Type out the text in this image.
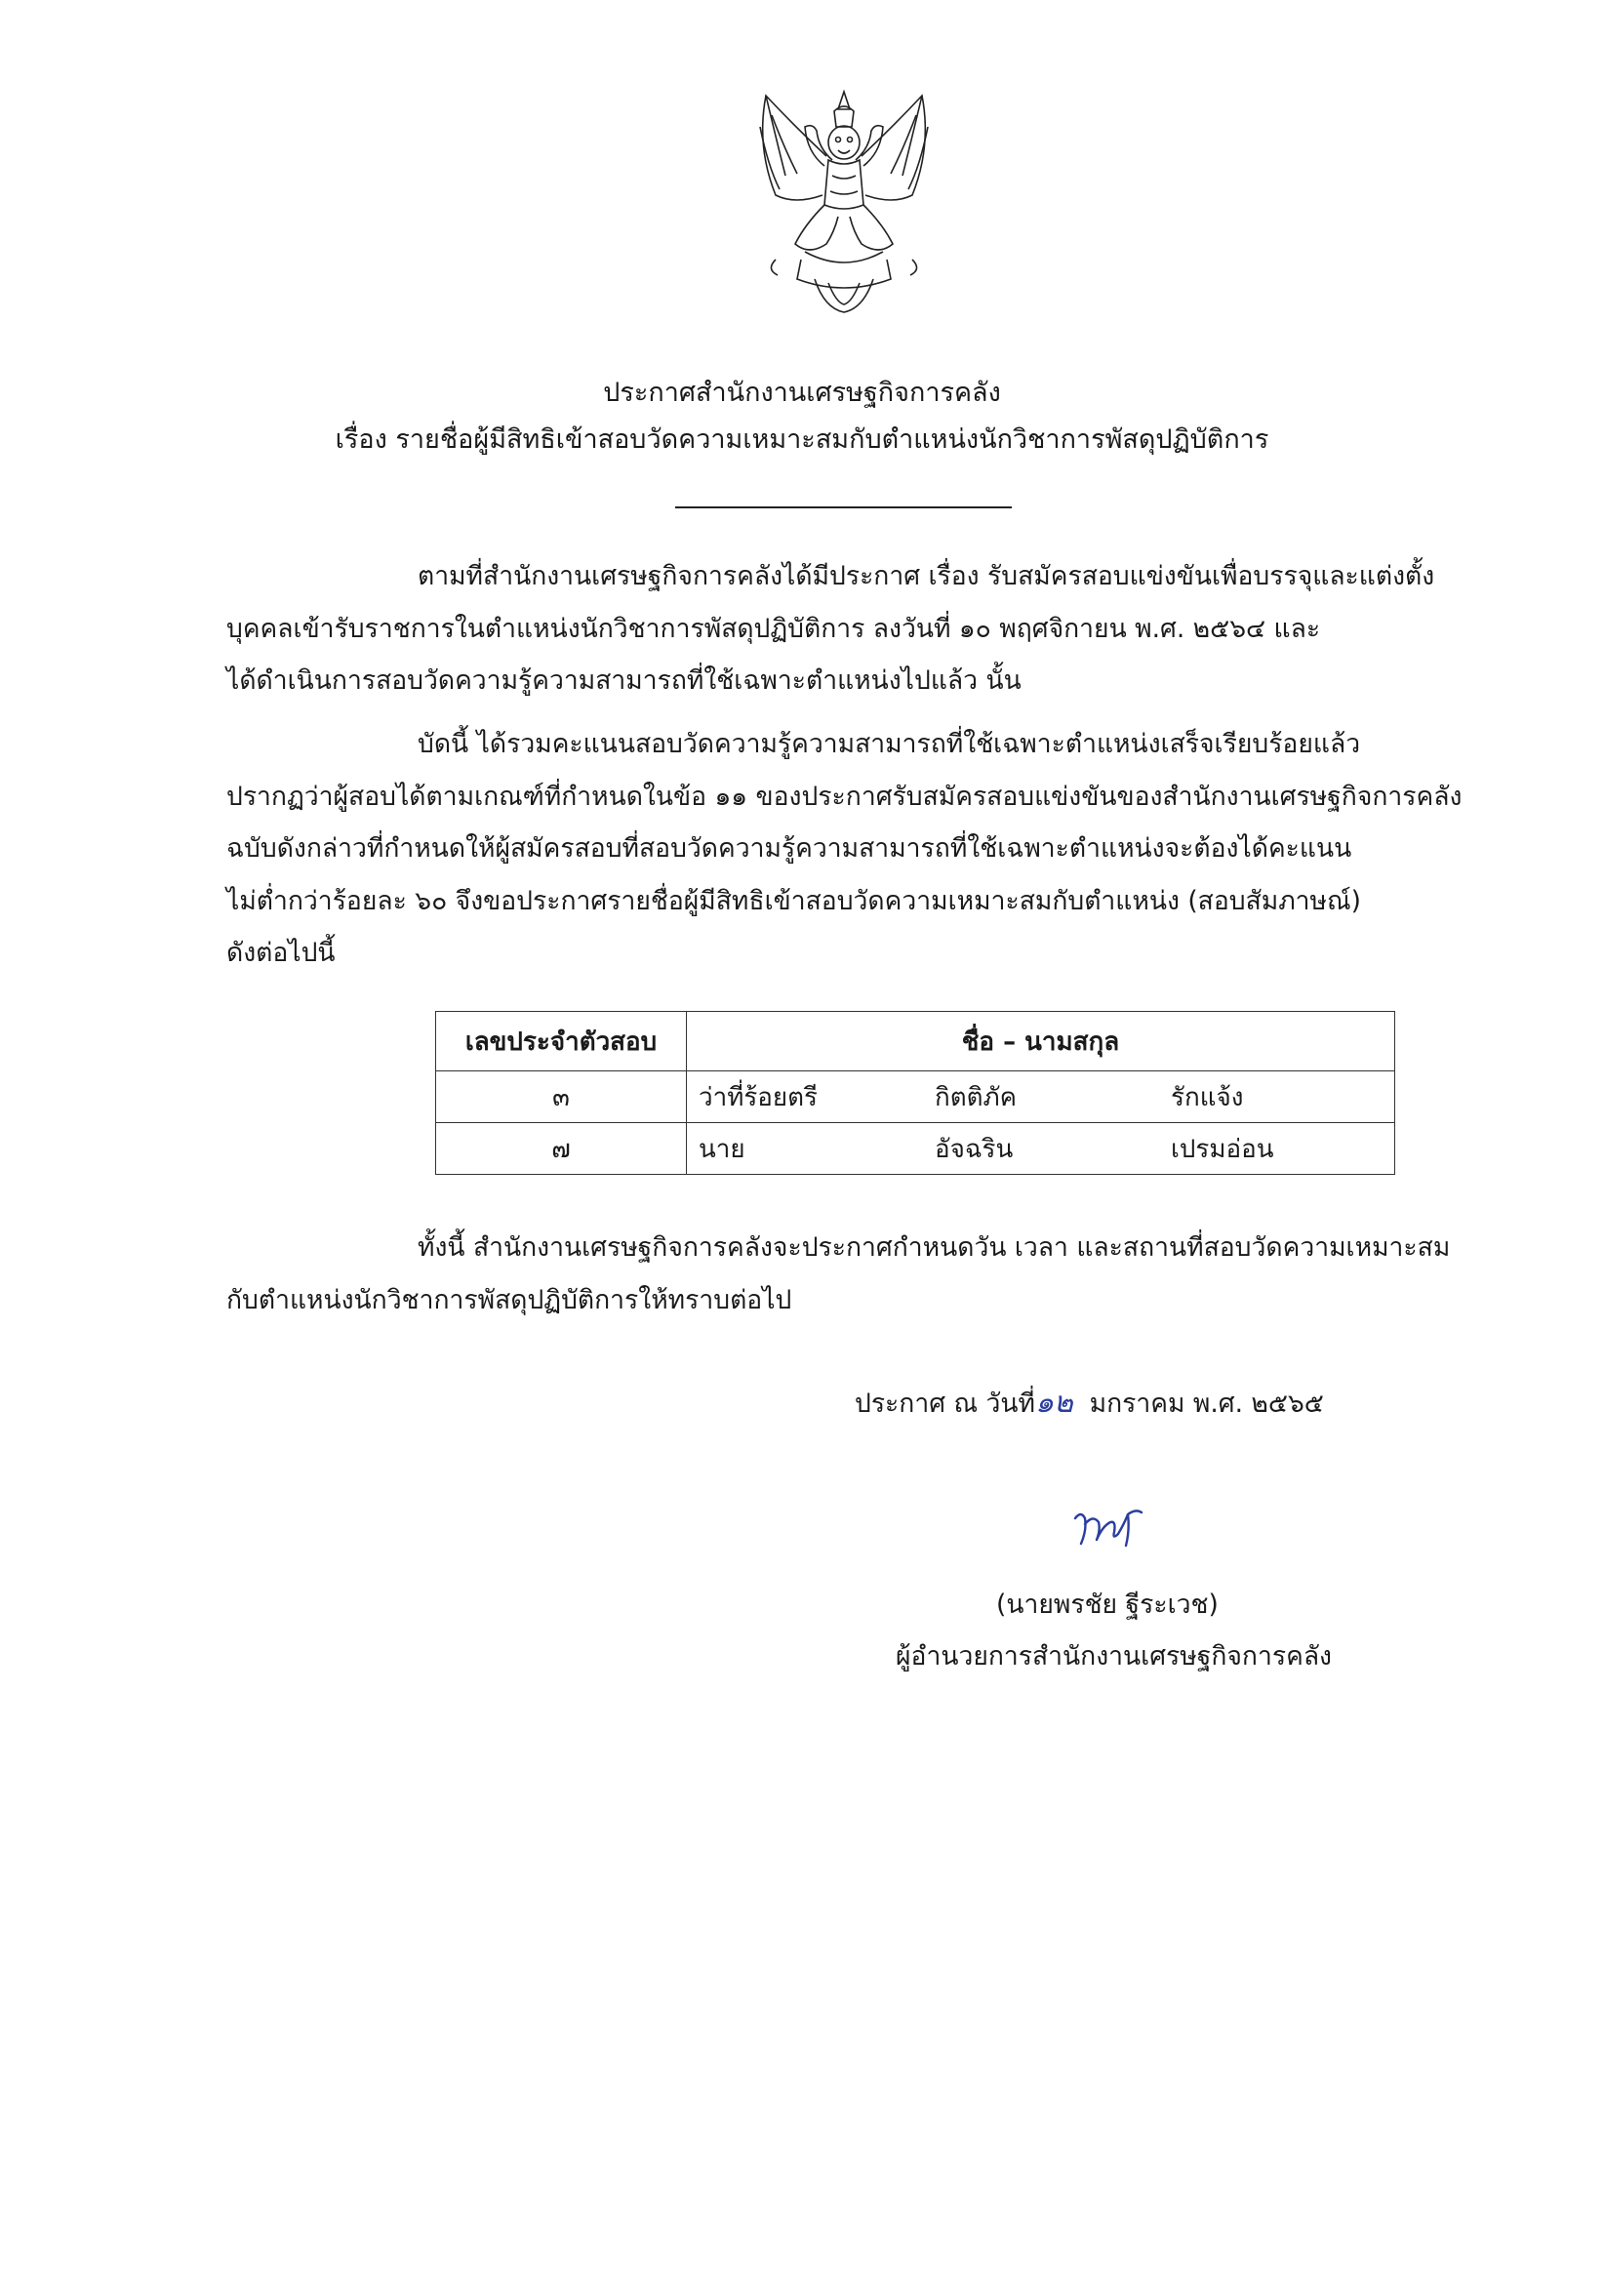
ประกาศสำนักงานเศรษฐกิจการคลัง
เรื่อง รายชื่อผู้มีสิทธิเข้าสอบวัดความเหมาะสมกับตำแหน่งนักวิชาการพัสดุปฏิบัติการ
ตามที่สำนักงานเศรษฐกิจการคลังได้มีประกาศ เรื่อง รับสมัครสอบแข่งขันเพื่อบรรจุและแต่งตั้ง
บุคคลเข้ารับราชการในตำแหน่งนักวิชาการพัสดุปฏิบัติการ ลงวันที่ ๑๐ พฤศจิกายน พ.ศ. ๒๕๖๔ และ
ได้ดำเนินการสอบวัดความรู้ความสามารถที่ใช้เฉพาะตำแหน่งไปแล้ว นั้น
บัดนี้ ได้รวมคะแนนสอบวัดความรู้ความสามารถที่ใช้เฉพาะตำแหน่งเสร็จเรียบร้อยแล้ว
ปรากฏว่าผู้สอบได้ตามเกณฑ์ที่กำหนดในข้อ ๑๑ ของประกาศรับสมัครสอบแข่งขันของสำนักงานเศรษฐกิจการคลัง
ฉบับดังกล่าวที่กำหนดให้ผู้สมัครสอบที่สอบวัดความรู้ความสามารถที่ใช้เฉพาะตำแหน่งจะต้องได้คะแนน
ไม่ต่ำกว่าร้อยละ ๖๐ จึงขอประกาศรายชื่อผู้มีสิทธิเข้าสอบวัดความเหมาะสมกับตำแหน่ง (สอบสัมภาษณ์)
ดังต่อไปนี้
เลขประจำตัวสอบ	ชื่อ – นามสกุล		
๓	ว่าที่ร้อยตรี	กิตติภัค	รักแจ้ง
๗	นาย	อัจฉริน	เปรมอ่อน
ทั้งนี้ สำนักงานเศรษฐกิจการคลังจะประกาศกำหนดวัน เวลา และสถานที่สอบวัดความเหมาะสม
กับตำแหน่งนักวิชาการพัสดุปฏิบัติการให้ทราบต่อไป
ประกาศ ณ วันที่๑๒ มกราคม พ.ศ. ๒๕๖๕
(นายพรชัย ฐีระเวช)
ผู้อำนวยการสำนักงานเศรษฐกิจการคลัง
